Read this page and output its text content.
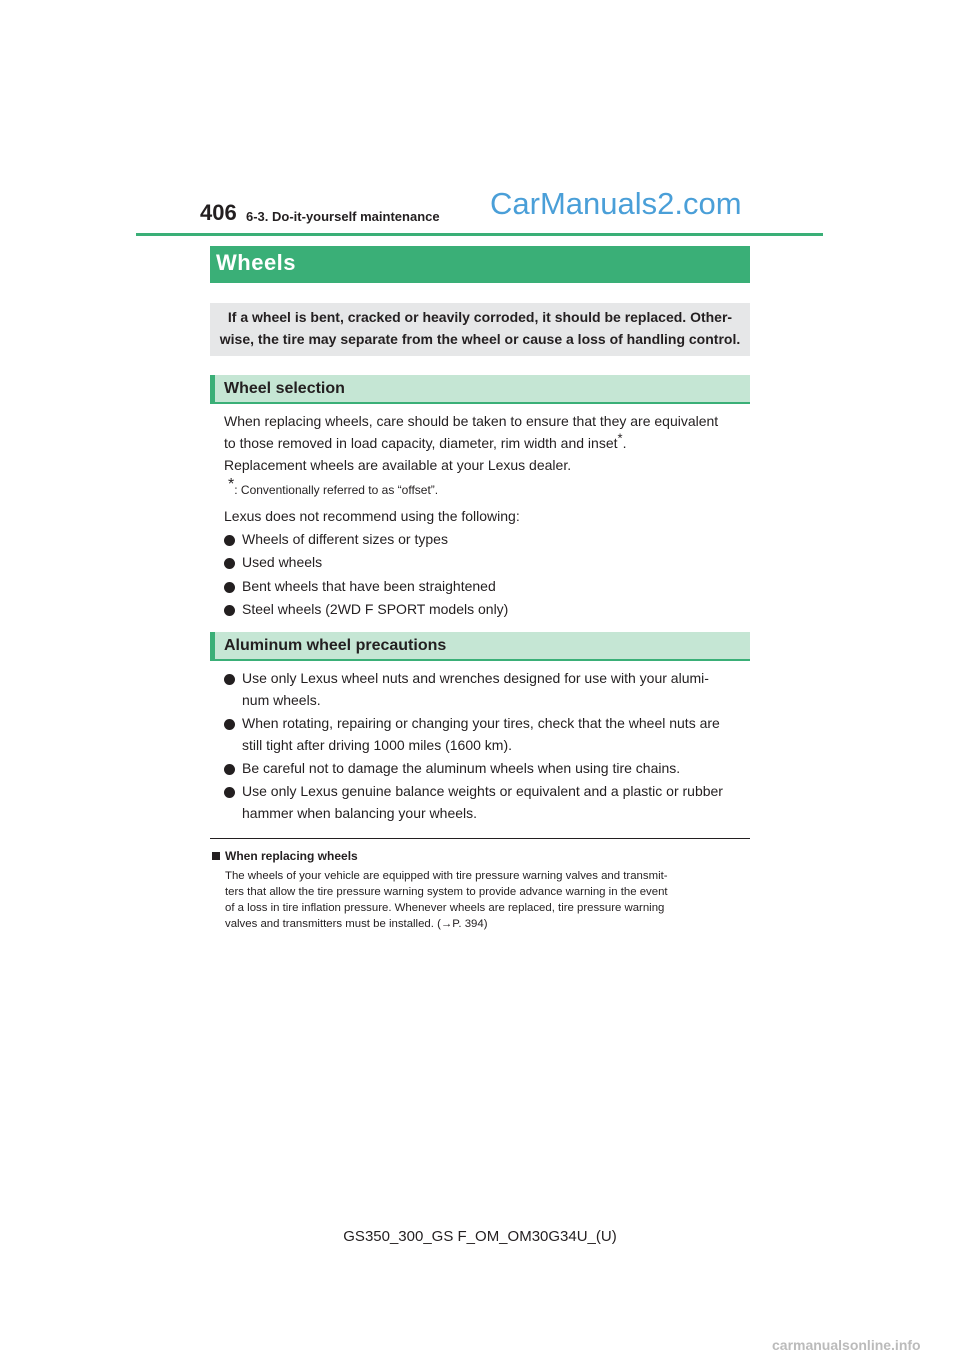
406 6-3. Do-it-yourself maintenance CarManuals2.com
Wheels
If a wheel is bent, cracked or heavily corroded, it should be replaced. Other-
wise, the tire may separate from the wheel or cause a loss of handling control.
Wheel selection
When replacing wheels, care should be taken to ensure that they are equivalent
to those removed in load capacity, diameter, rim width and inset*.
Replacement wheels are available at your Lexus dealer.
*: Conventionally referred to as “offset”.
Lexus does not recommend using the following:
Wheels of different sizes or types
Used wheels
Bent wheels that have been straightened
Steel wheels (2WD F SPORT models only)
Aluminum wheel precautions
Use only Lexus wheel nuts and wrenches designed for use with your alumi-
num wheels.
When rotating, repairing or changing your tires, check that the wheel nuts are
still tight after driving 1000 miles (1600 km).
Be careful not to damage the aluminum wheels when using tire chains.
Use only Lexus genuine balance weights or equivalent and a plastic or rubber
hammer when balancing your wheels.
When replacing wheels
The wheels of your vehicle are equipped with tire pressure warning valves and transmit-
ters that allow the tire pressure warning system to provide advance warning in the event
of a loss in tire inflation pressure. Whenever wheels are replaced, tire pressure warning
valves and transmitters must be installed. (→P. 394)
GS350_300_GS F_OM_OM30G34U_(U)
carmanualsonline.info
